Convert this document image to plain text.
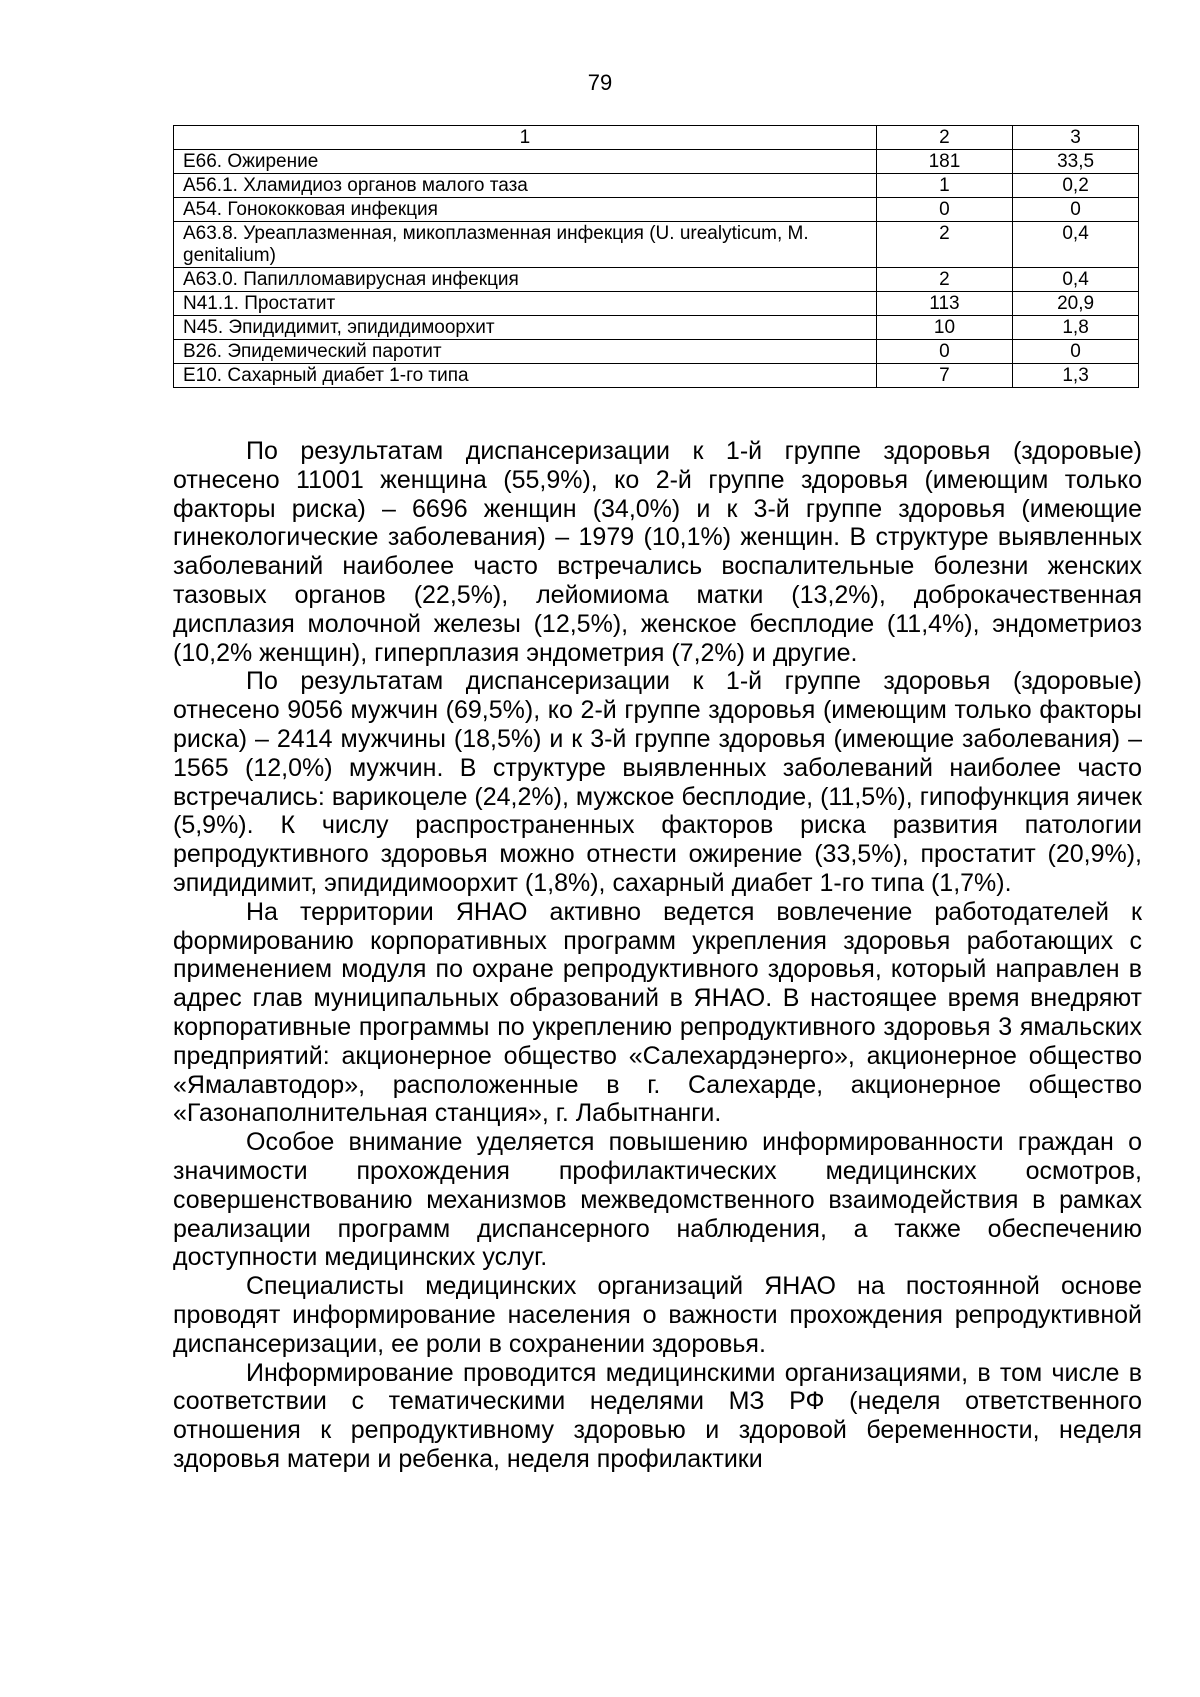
79
1	2	3
E66. Ожирение	181	33,5
A56.1. Хламидиоз органов малого таза	1	0,2
A54. Гонококковая инфекция	0	0
A63.8. Уреаплазменная, микоплазменная инфекция (U. urealyticum, M. genitalium)	2	0,4
A63.0. Папилломавирусная инфекция	2	0,4
N41.1. Простатит	113	20,9
N45. Эпидидимит, эпидидимоорхит	10	1,8
B26. Эпидемический паротит	0	0
E10. Сахарный диабет 1-го типа	7	1,3

По результатам диспансеризации к 1-й группе здоровья (здоровые) отнесено 11001 женщина (55,9%), ко 2-й группе здоровья (имеющим только факторы риска) – 6696 женщин (34,0%) и к 3-й группе здоровья (имеющие гинекологические заболевания) – 1979 (10,1%) женщин. В структуре выявленных заболеваний наиболее часто встречались воспалительные болезни женских тазовых органов (22,5%), лейомиома матки (13,2%), доброкачественная дисплазия молочной железы (12,5%), женское бесплодие (11,4%), эндометриоз (10,2% женщин), гиперплазия эндометрия (7,2%) и другие.

По результатам диспансеризации к 1-й группе здоровья (здоровые) отнесено 9056 мужчин (69,5%), ко 2-й группе здоровья (имеющим только факторы риска) – 2414 мужчины (18,5%) и к 3-й группе здоровья (имеющие заболевания) – 1565 (12,0%) мужчин. В структуре выявленных заболеваний наиболее часто встречались: варикоцеле (24,2%), мужское бесплодие, (11,5%), гипофункция яичек (5,9%). К числу распространенных факторов риска развития патологии репродуктивного здоровья можно отнести ожирение (33,5%), простатит (20,9%), эпидидимит, эпидидимоорхит (1,8%), сахарный диабет 1-го типа (1,7%).

На территории ЯНАО активно ведется вовлечение работодателей к формированию корпоративных программ укрепления здоровья работающих с применением модуля по охране репродуктивного здоровья, который направлен в адрес глав муниципальных образований в ЯНАО. В настоящее время внедряют корпоративные программы по укреплению репродуктивного здоровья 3 ямальских предприятий: акционерное общество «Салехардэнерго», акционерное общество «Ямалавтодор», расположенные в г. Салехарде, акционерное общество «Газонаполнительная станция», г. Лабытнанги.

Особое внимание уделяется повышению информированности граждан о значимости прохождения профилактических медицинских осмотров, совершенствованию механизмов межведомственного взаимодействия в рамках реализации программ диспансерного наблюдения, а также обеспечению доступности медицинских услуг.

Специалисты медицинских организаций ЯНАО на постоянной основе проводят информирование населения о важности прохождения репродуктивной диспансеризации, ее роли в сохранении здоровья.

Информирование проводится медицинскими организациями, в том числе в соответствии с тематическими неделями МЗ РФ (неделя ответственного отношения к репродуктивному здоровью и здоровой беременности, неделя здоровья матери и ребенка, неделя профилактики
